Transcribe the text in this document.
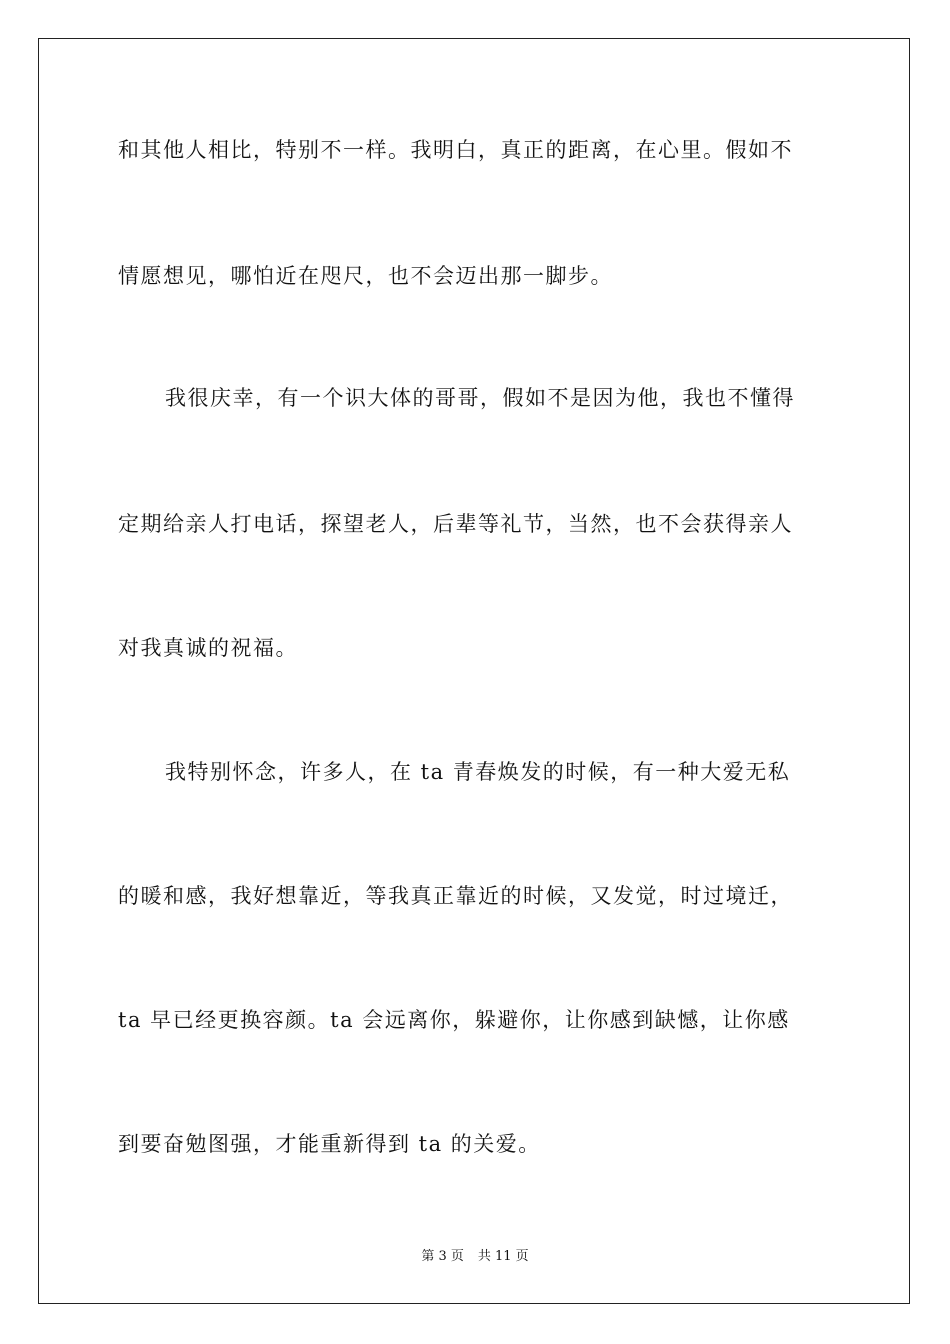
和其他人相比，特别不一样。我明白，真正的距离，在心里。假如不

情愿想见，哪怕近在咫尺，也不会迈出那一脚步。

我很庆幸，有一个识大体的哥哥，假如不是因为他，我也不懂得

定期给亲人打电话，探望老人，后辈等礼节，当然，也不会获得亲人

对我真诚的祝福。

我特别怀念，许多人，在 ta 青春焕发的时候，有一种大爱无私

的暖和感，我好想靠近，等我真正靠近的时候，又发觉，时过境迁，

ta 早已经更换容颜。ta 会远离你，躲避你，让你感到缺憾，让你感

到要奋勉图强，才能重新得到 ta 的关爱。

第 3 页 共 11 页
